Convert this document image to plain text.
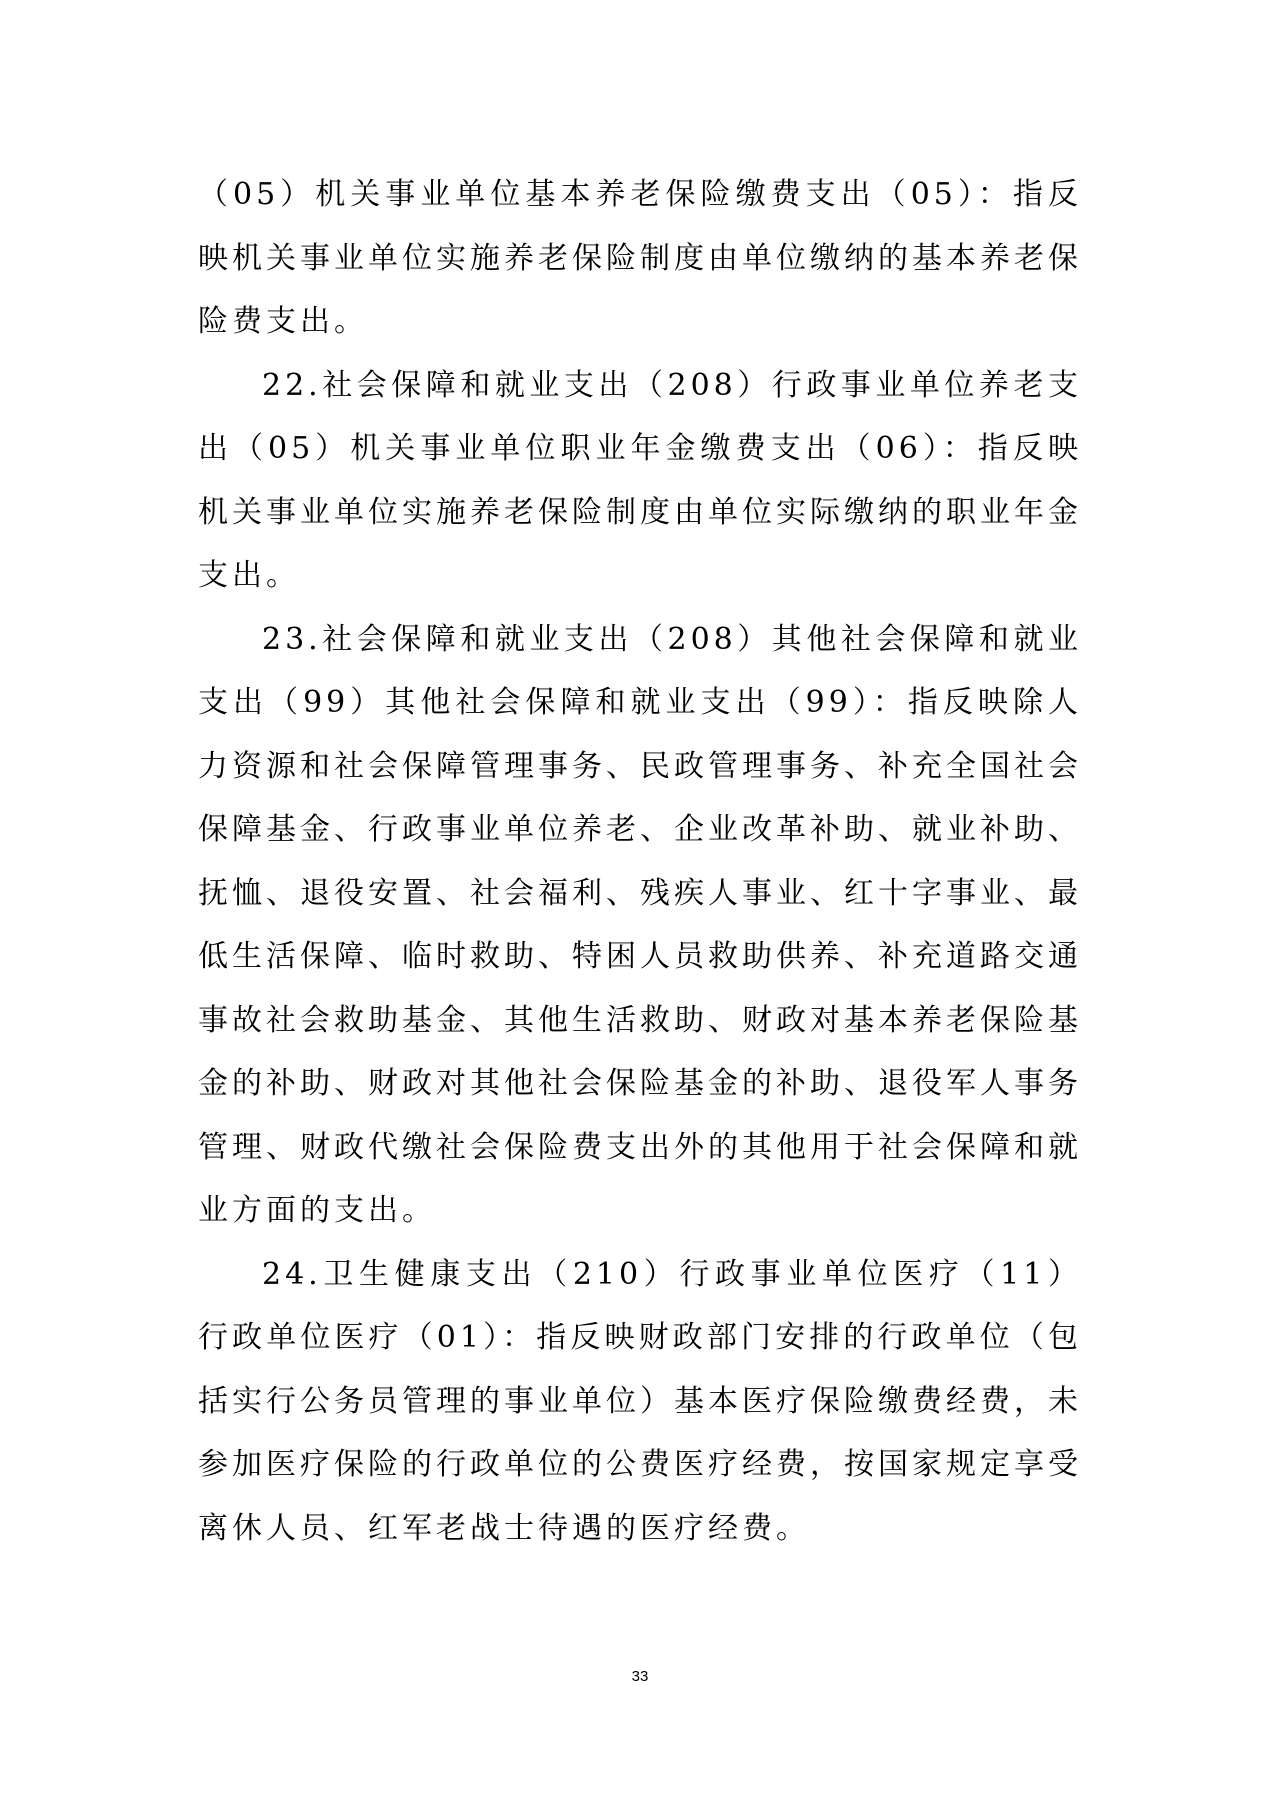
（05）机关事业单位基本养老保险缴费支出（05）：指反映机关事业单位实施养老保险制度由单位缴纳的基本养老保险费支出。

22.社会保障和就业支出（208）行政事业单位养老支出（05）机关事业单位职业年金缴费支出（06）：指反映机关事业单位实施养老保险制度由单位实际缴纳的职业年金支出。

23.社会保障和就业支出（208）其他社会保障和就业支出（99）其他社会保障和就业支出（99）：指反映除人力资源和社会保障管理事务、民政管理事务、补充全国社会保障基金、行政事业单位养老、企业改革补助、就业补助、抚恤、退役安置、社会福利、残疾人事业、红十字事业、最低生活保障、临时救助、特困人员救助供养、补充道路交通事故社会救助基金、其他生活救助、财政对基本养老保险基金的补助、财政对其他社会保险基金的补助、退役军人事务管理、财政代缴社会保险费支出外的其他用于社会保障和就业方面的支出。

24.卫生健康支出（210）行政事业单位医疗（11）行政单位医疗（01）：指反映财政部门安排的行政单位（包括实行公务员管理的事业单位）基本医疗保险缴费经费，未参加医疗保险的行政单位的公费医疗经费，按国家规定享受离休人员、红军老战士待遇的医疗经费。

33
